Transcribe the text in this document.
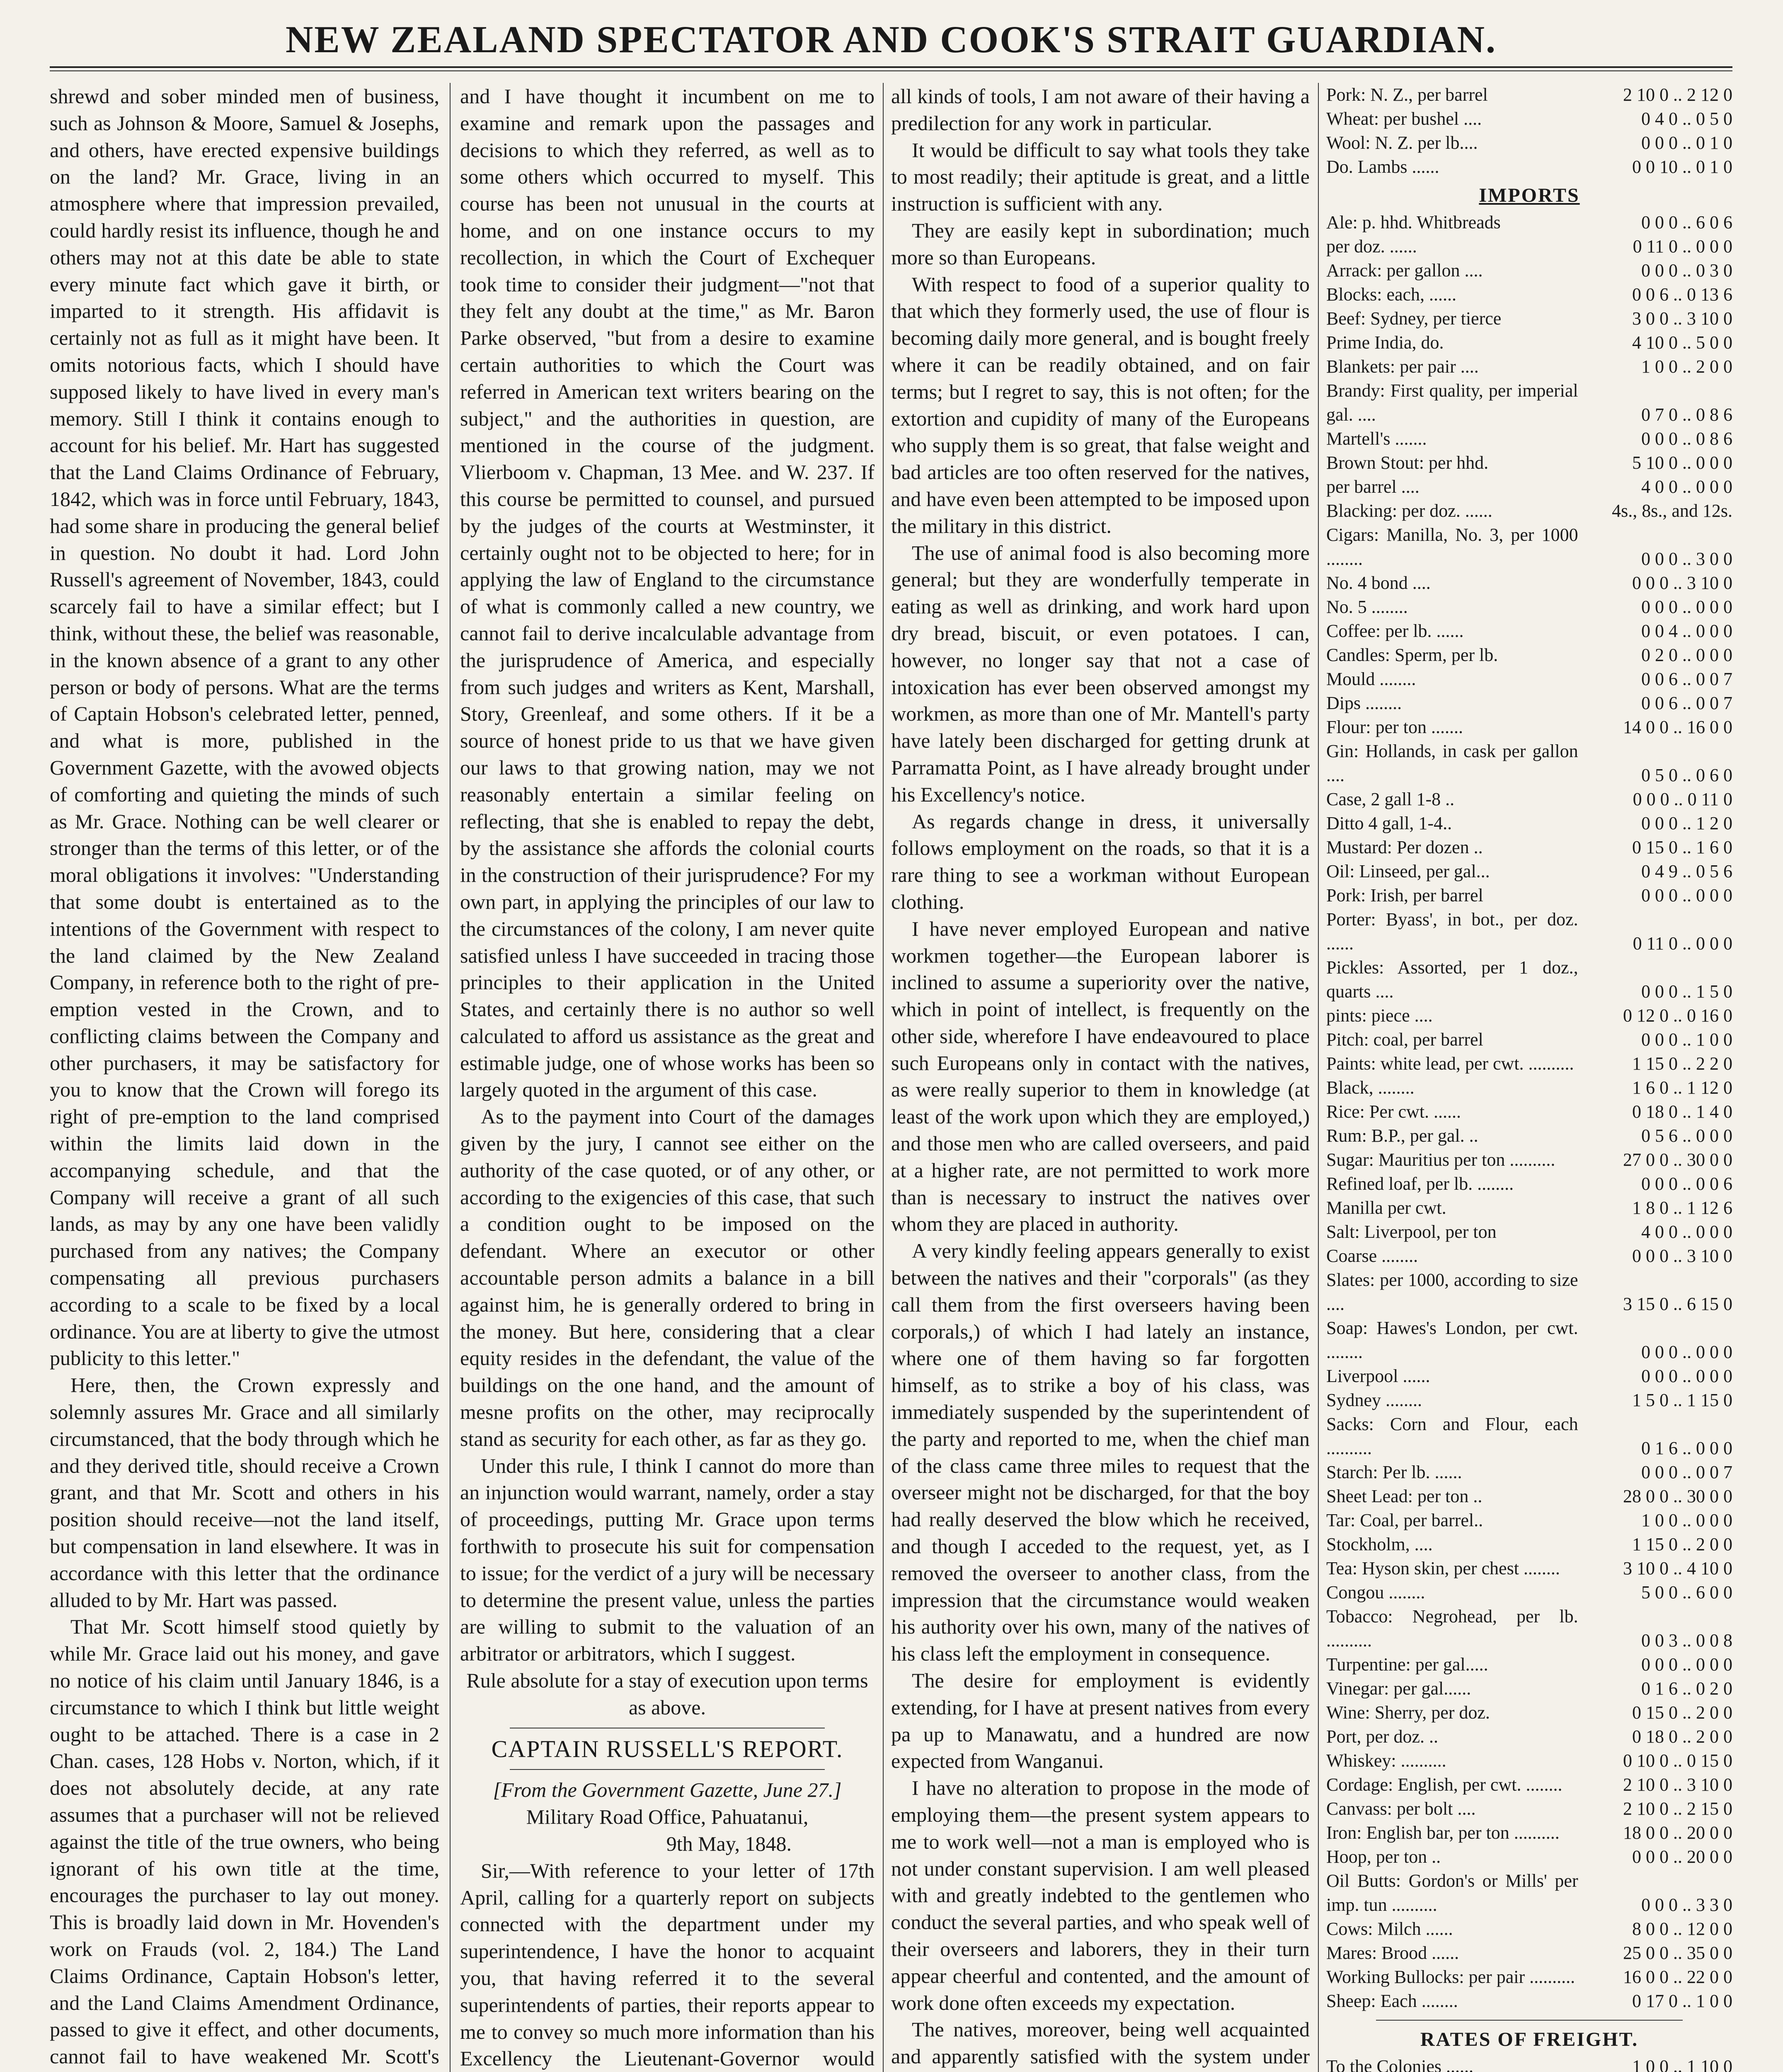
NEW ZEALAND SPECTATOR AND COOK'S STRAIT GUARDIAN.

shrewd and sober minded men of business, such as Johnson & Moore, Samuel & Josephs, and others, have erected expensive buildings on the land? Mr. Grace, living in an atmosphere where that impression prevailed, could hardly resist its influence, though he and others may not at this date be able to state every minute fact which gave it birth, or imparted to it strength. His affidavit is certainly not as full as it might have been. It omits notorious facts, which I should have supposed likely to have lived in every man's memory. Still I think it contains enough to account for his belief. Mr. Hart has suggested that the Land Claims Ordinance of February, 1842, which was in force until February, 1843, had some share in producing the general belief in question. No doubt it had. Lord John Russell's agreement of November, 1843, could scarcely fail to have a similar effect; but I think, without these, the belief was reasonable, in the known absence of a grant to any other person or body of persons. What are the terms of Captain Hobson's celebrated letter, penned, and what is more, published in the Government Gazette, with the avowed objects of comforting and quieting the minds of such as Mr. Grace. Nothing can be well clearer or stronger than the terms of this letter, or of the moral obligations it involves: "Understanding that some doubt is entertained as to the intentions of the Government with respect to the land claimed by the New Zealand Company, in reference both to the right of pre-emption vested in the Crown, and to conflicting claims between the Company and other purchasers, it may be satisfactory for you to know that the Crown will forego its right of pre-emption to the land comprised within the limits laid down in the accompanying schedule, and that the Company will receive a grant of all such lands, as may by any one have been validly purchased from any natives; the Company compensating all previous purchasers according to a scale to be fixed by a local ordinance. You are at liberty to give the utmost publicity to this letter."

Here, then, the Crown expressly and solemnly assures Mr. Grace and all similarly circumstanced, that the body through which he and they derived title, should receive a Crown grant, and that Mr. Scott and others in his position should receive—not the land itself, but compensation in land elsewhere. It was in accordance with this letter that the ordinance alluded to by Mr. Hart was passed.

That Mr. Scott himself stood quietly by while Mr. Grace laid out his money, and gave no notice of his claim until January 1846, is a circumstance to which I think but little weight ought to be attached. There is a case in 2 Chan. cases, 128 Hobs v. Norton, which, if it does not absolutely decide, at any rate assumes that a purchaser will not be relieved against the title of the true owners, who being ignorant of his own title at the time, encourages the purchaser to lay out money. This is broadly laid down in Mr. Hovenden's work on Frauds (vol. 2, 184.) The Land Claims Ordinance, Captain Hobson's letter, and the Land Claims Amendment Ordinance, passed to give it effect, and other documents, cannot fail to have weakened Mr. Scott's

and I have thought it incumbent on me to examine and remark upon the passages and decisions to which they referred, as well as to some others which occurred to myself. This course has been not unusual in the courts at home, and on one instance occurs to my recollection, in which the Court of Exchequer took time to consider their judgment—"not that they felt any doubt at the time," as Mr. Baron Parke observed, "but from a desire to examine certain authorities to which the Court was referred in American text writers bearing on the subject," and the authorities in question, are mentioned in the course of the judgment. Vlierboom v. Chapman, 13 Mee. and W. 237. If this course be permitted to counsel, and pursued by the judges of the courts at Westminster, it certainly ought not to be objected to here; for in applying the law of England to the circumstance of what is commonly called a new country, we cannot fail to derive incalculable advantage from the jurisprudence of America, and especially from such judges and writers as Kent, Marshall, Story, Greenleaf, and some others. If it be a source of honest pride to us that we have given our laws to that growing nation, may we not reasonably entertain a similar feeling on reflecting, that she is enabled to repay the debt, by the assistance she affords the colonial courts in the construction of their jurisprudence? For my own part, in applying the principles of our law to the circumstances of the colony, I am never quite satisfied unless I have succeeded in tracing those principles to their application in the United States, and certainly there is no author so well calculated to afford us assistance as the great and estimable judge, one of whose works has been so largely quoted in the argument of this case.

As to the payment into Court of the damages given by the jury, I cannot see either on the authority of the case quoted, or of any other, or according to the exigencies of this case, that such a condition ought to be imposed on the defendant. Where an executor or other accountable person admits a balance in a bill against him, he is generally ordered to bring in the money. But here, considering that a clear equity resides in the defendant, the value of the buildings on the one hand, and the amount of mesne profits on the other, may reciprocally stand as security for each other, as far as they go.

Under this rule, I think I cannot do more than an injunction would warrant, namely, order a stay of proceedings, putting Mr. Grace upon terms forthwith to prosecute his suit for compensation to issue; for the verdict of a jury will be necessary to determine the present value, unless the parties are willing to submit to the valuation of an arbitrator or arbitrators, which I suggest.

Rule absolute for a stay of execution upon terms as above.

CAPTAIN RUSSELL'S REPORT.

[From the Government Gazette, June 27.]

Military Road Office, Pahuatanui,

9th May, 1848.

Sir,—With reference to your letter of 17th April, calling for a quarterly report on subjects connected with the department under my superintendence, I have the honor to acquaint you, that having referred it to the several superintendents of parties, their reports appear to me to convey so much more information than his Excellency the Lieutenant-Governor would

all kinds of tools, I am not aware of their having a predilection for any work in particular.

It would be difficult to say what tools they take to most readily; their aptitude is great, and a little instruction is sufficient with any.

They are easily kept in subordination; much more so than Europeans.

With respect to food of a superior quality to that which they formerly used, the use of flour is becoming daily more general, and is bought freely where it can be readily obtained, and on fair terms; but I regret to say, this is not often; for the extortion and cupidity of many of the Europeans who supply them is so great, that false weight and bad articles are too often reserved for the natives, and have even been attempted to be imposed upon the military in this district.

The use of animal food is also becoming more general; but they are wonderfully temperate in eating as well as drinking, and work hard upon dry bread, biscuit, or even potatoes. I can, however, no longer say that not a case of intoxication has ever been observed amongst my workmen, as more than one of Mr. Mantell's party have lately been discharged for getting drunk at Parramatta Point, as I have already brought under his Excellency's notice.

As regards change in dress, it universally follows employment on the roads, so that it is a rare thing to see a workman without European clothing.

I have never employed European and native workmen together—the European laborer is inclined to assume a superiority over the native, which in point of intellect, is frequently on the other side, wherefore I have endeavoured to place such Europeans only in contact with the natives, as were really superior to them in knowledge (at least of the work upon which they are employed,) and those men who are called overseers, and paid at a higher rate, are not permitted to work more than is necessary to instruct the natives over whom they are placed in authority.

A very kindly feeling appears generally to exist between the natives and their "corporals" (as they call them from the first overseers having been corporals,) of which I had lately an instance, where one of them having so far forgotten himself, as to strike a boy of his class, was immediately suspended by the superintendent of the party and reported to me, when the chief man of the class came three miles to request that the overseer might not be discharged, for that the boy had really deserved the blow which he received, and though I acceded to the request, yet, as I removed the overseer to another class, from the impression that the circumstance would weaken his authority over his own, many of the natives of his class left the employment in consequence.

The desire for employment is evidently extending, for I have at present natives from every pa up to Manawatu, and a hundred are now expected from Wanganui.

I have no alteration to propose in the mode of employing them—the present system appears to me to work well—not a man is employed who is not under constant supervision. I am well pleased with and greatly indebted to the gentlemen who conduct the several parties, and who speak well of their overseers and laborers, they in their turn appear cheerful and contented, and the amount of work done often exceeds my expectation.

The natives, moreover, being well acquainted and apparently satisfied with the system under

Pork: N. Z., per barrel	2 10 0 .. 2 12 0
Wheat: per bushel ....	0 4 0 .. 0 5 0
Wool: N. Z. per lb....	0 0 0 .. 0 1 0
Do. Lambs ......	0 0 10 .. 0 1 0
IMPORTS
Ale: p. hhd. Whitbreads	0 0 0 .. 6 0 6
per doz. ......	0 11 0 .. 0 0 0
Arrack: per gallon ....	0 0 0 .. 0 3 0
Blocks: each, ......	0 0 6 .. 0 13 6
Beef: Sydney, per tierce	3 0 0 .. 3 10 0
Prime India, do.	4 10 0 .. 5 0 0
Blankets: per pair ....	1 0 0 .. 2 0 0
Brandy: First quality, per imperial gal. ....	0 7 0 .. 0 8 6
Martell's .......	0 0 0 .. 0 8 6
Brown Stout: per hhd.	5 10 0 .. 0 0 0
per barrel ....	4 0 0 .. 0 0 0
Blacking: per doz. ......	4s., 8s., and 12s.
Cigars: Manilla, No. 3, per 1000 ........	0 0 0 .. 3 0 0
No. 4 bond ....	0 0 0 .. 3 10 0
No. 5 ........	0 0 0 .. 0 0 0
Coffee: per lb. ......	0 0 4 .. 0 0 0
Candles: Sperm, per lb.	0 2 0 .. 0 0 0
Mould ........	0 0 6 .. 0 0 7
Dips ........	0 0 6 .. 0 0 7
Flour: per ton .......	14 0 0 .. 16 0 0
Gin: Hollands, in cask per gallon ....	0 5 0 .. 0 6 0
Case, 2 gall 1-8 ..	0 0 0 .. 0 11 0
Ditto 4 gall, 1-4..	0 0 0 .. 1 2 0
Mustard: Per dozen ..	0 15 0 .. 1 6 0
Oil: Linseed, per gal...	0 4 9 .. 0 5 6
Pork: Irish, per barrel	0 0 0 .. 0 0 0
Porter: Byass', in bot., per doz. ......	0 11 0 .. 0 0 0
Pickles: Assorted, per 1 doz., quarts ....	0 0 0 .. 1 5 0
pints: piece ....	0 12 0 .. 0 16 0
Pitch: coal, per barrel	0 0 0 .. 1 0 0
Paints: white lead, per cwt. ..........	1 15 0 .. 2 2 0
Black, ........	1 6 0 .. 1 12 0
Rice: Per cwt. ......	0 18 0 .. 1 4 0
Rum: B.P., per gal. ..	0 5 6 .. 0 0 0
Sugar: Mauritius per ton ..........	27 0 0 .. 30 0 0
Refined loaf, per lb. ........	0 0 0 .. 0 0 6
Manilla per cwt.	1 8 0 .. 1 12 6
Salt: Liverpool, per ton	4 0 0 .. 0 0 0
Coarse ........	0 0 0 .. 3 10 0
Slates: per 1000, according to size ....	3 15 0 .. 6 15 0
Soap: Hawes's London, per cwt. ........	0 0 0 .. 0 0 0
Liverpool ......	0 0 0 .. 0 0 0
Sydney ........	1 5 0 .. 1 15 0
Sacks: Corn and Flour, each ..........	0 1 6 .. 0 0 0
Starch: Per lb. ......	0 0 0 .. 0 0 7
Sheet Lead: per ton ..	28 0 0 .. 30 0 0
Tar: Coal, per barrel..	1 0 0 .. 0 0 0
Stockholm, ....	1 15 0 .. 2 0 0
Tea: Hyson skin, per chest ........	3 10 0 .. 4 10 0
Congou ........	5 0 0 .. 6 0 0
Tobacco: Negrohead, per lb. ..........	0 0 3 .. 0 0 8
Turpentine: per gal.....	0 0 0 .. 0 0 0
Vinegar: per gal......	0 1 6 .. 0 2 0
Wine: Sherry, per doz.	0 15 0 .. 2 0 0
Port, per doz. ..	0 18 0 .. 2 0 0
Whiskey: ..........	0 10 0 .. 0 15 0
Cordage: English, per cwt. ........	2 10 0 .. 3 10 0
Canvass: per bolt ....	2 10 0 .. 2 15 0
Iron: English bar, per ton ..........	18 0 0 .. 20 0 0
Hoop, per ton ..	0 0 0 .. 20 0 0
Oil Butts: Gordon's or Mills' per imp. tun ..........	0 0 0 .. 3 3 0
Cows: Milch ......	8 0 0 .. 12 0 0
Mares: Brood ......	25 0 0 .. 35 0 0
Working Bullocks: per pair ..........	16 0 0 .. 22 0 0
Sheep: Each ........	0 17 0 .. 1 0 0
RATES OF FREIGHT.
To the Colonies ......	1 0 0 .. 1 10 0
